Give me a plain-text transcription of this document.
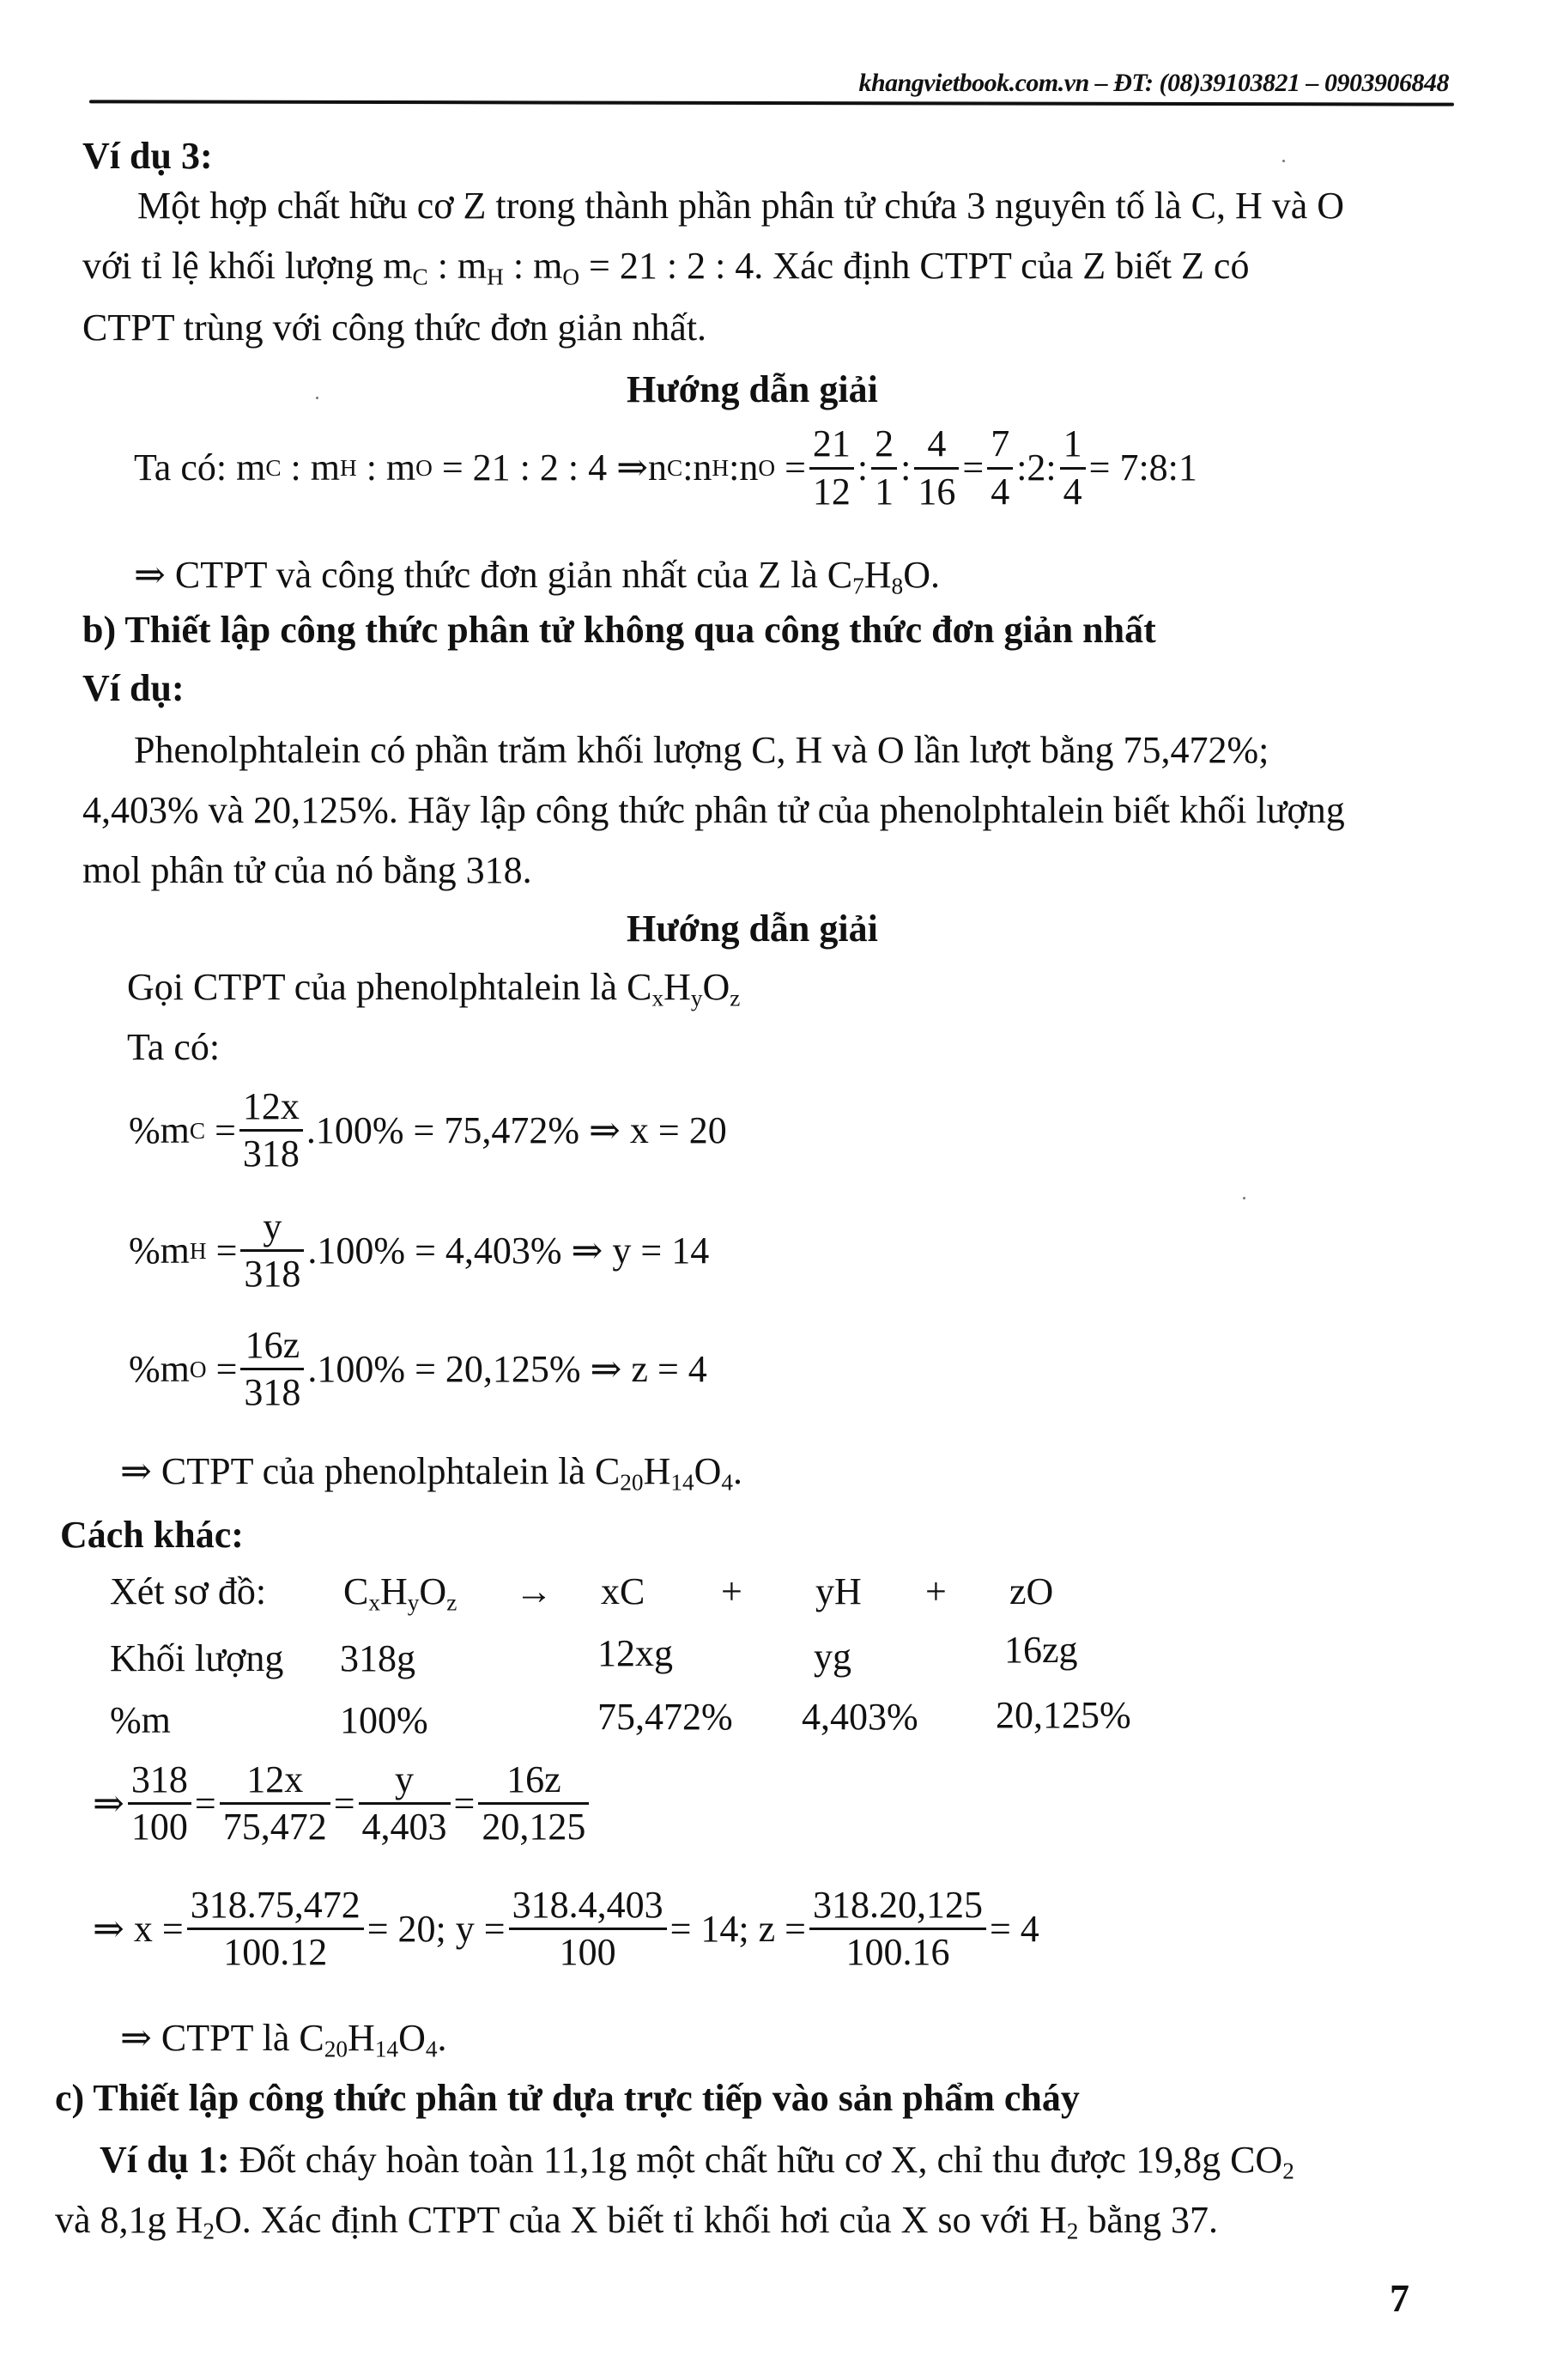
khangvietbook.com.vn – ĐT: (08)39103821 – 0903906848
Ví dụ 3:
Một hợp chất hữu cơ Z trong thành phần phân tử chứa 3 nguyên tố là C, H và O
với tỉ lệ khối lượng $m_C$ : $m_H$ : $m_O = 21$ : 2 : 4. Xác định CTPT của Z biết Z có
CTPT trùng với công thức đơn giản nhất.
Hướng dẫn giải
Ta có:
m C : m H : m O
= 21 : 2 : 4 ⇒ n C : n H : n $O = \frac{21}{12}$ : $\frac{2}{1}$ : $\frac{4}{16} = \frac{7}{4}$ :2: $\frac{1}{4}$ = 7:8:1
⇒ CTPT và công thức đơn giản nhất của Z là $C_7H_8O$.
b) Thiết lập công thức phân tử không qua công thức đơn giản nhất
Ví dụ:
Phenolphtalein có phần trăm khối lượng C, H và O lần lượt bằng 75,472%;
4,403% và 20,125%. Hãy lập công thức phân tử của phenolphtalein biết khối lượng
mol phân tử của nó bằng 318.
Hướng dẫn giải
Gọi CTPT của phenolphtalein là $C_xH_yO_z$
Ta có:
%m $C = \frac{12x}{318} .100\% = 75,472\%$ ⇒ x = 20
%m $H = \frac{y}{318} .100\% = 4,403\%$ ⇒ y = 14
%m $O = \frac{16z}{318} .100\% = 20,125\%$ ⇒ z = 4
⇒ CTPT của phenolphtalein là $C_{20}H_{14}O_4$.
Cách khác:
Xét sơ đồ: $C_xH_yO_z$ → xC + yH + zO
Khối lượng 318g	12xg	yg	16zg
%m	100%	75,472% 4,403% 20,125%
⇒ $\frac{318}{100} = \frac{12x}{75,472} = \frac{y}{4,403} = \frac{16z}{20,125}$
⇒ $x = \frac{318.75,472}{100.12} = 20$;
$y = \frac{318.4,403}{100} = 14$;
$z = \frac{318.20,125}{100.16} = 4$
⇒ CTPT là $C_{20}H_{14}O_4$.
c) Thiết lập công thức phân tử dựa trực tiếp vào sản phẩm cháy
Ví dụ 1: Đốt cháy hoàn toàn 11,1g một chất hữu cơ X, chỉ thu được 19,8g $CO_2$
và 8,1g $H_2O$. Xác định CTPT của X biết tỉ khối hơi của X so với $H_2$ bằng 37.
7
